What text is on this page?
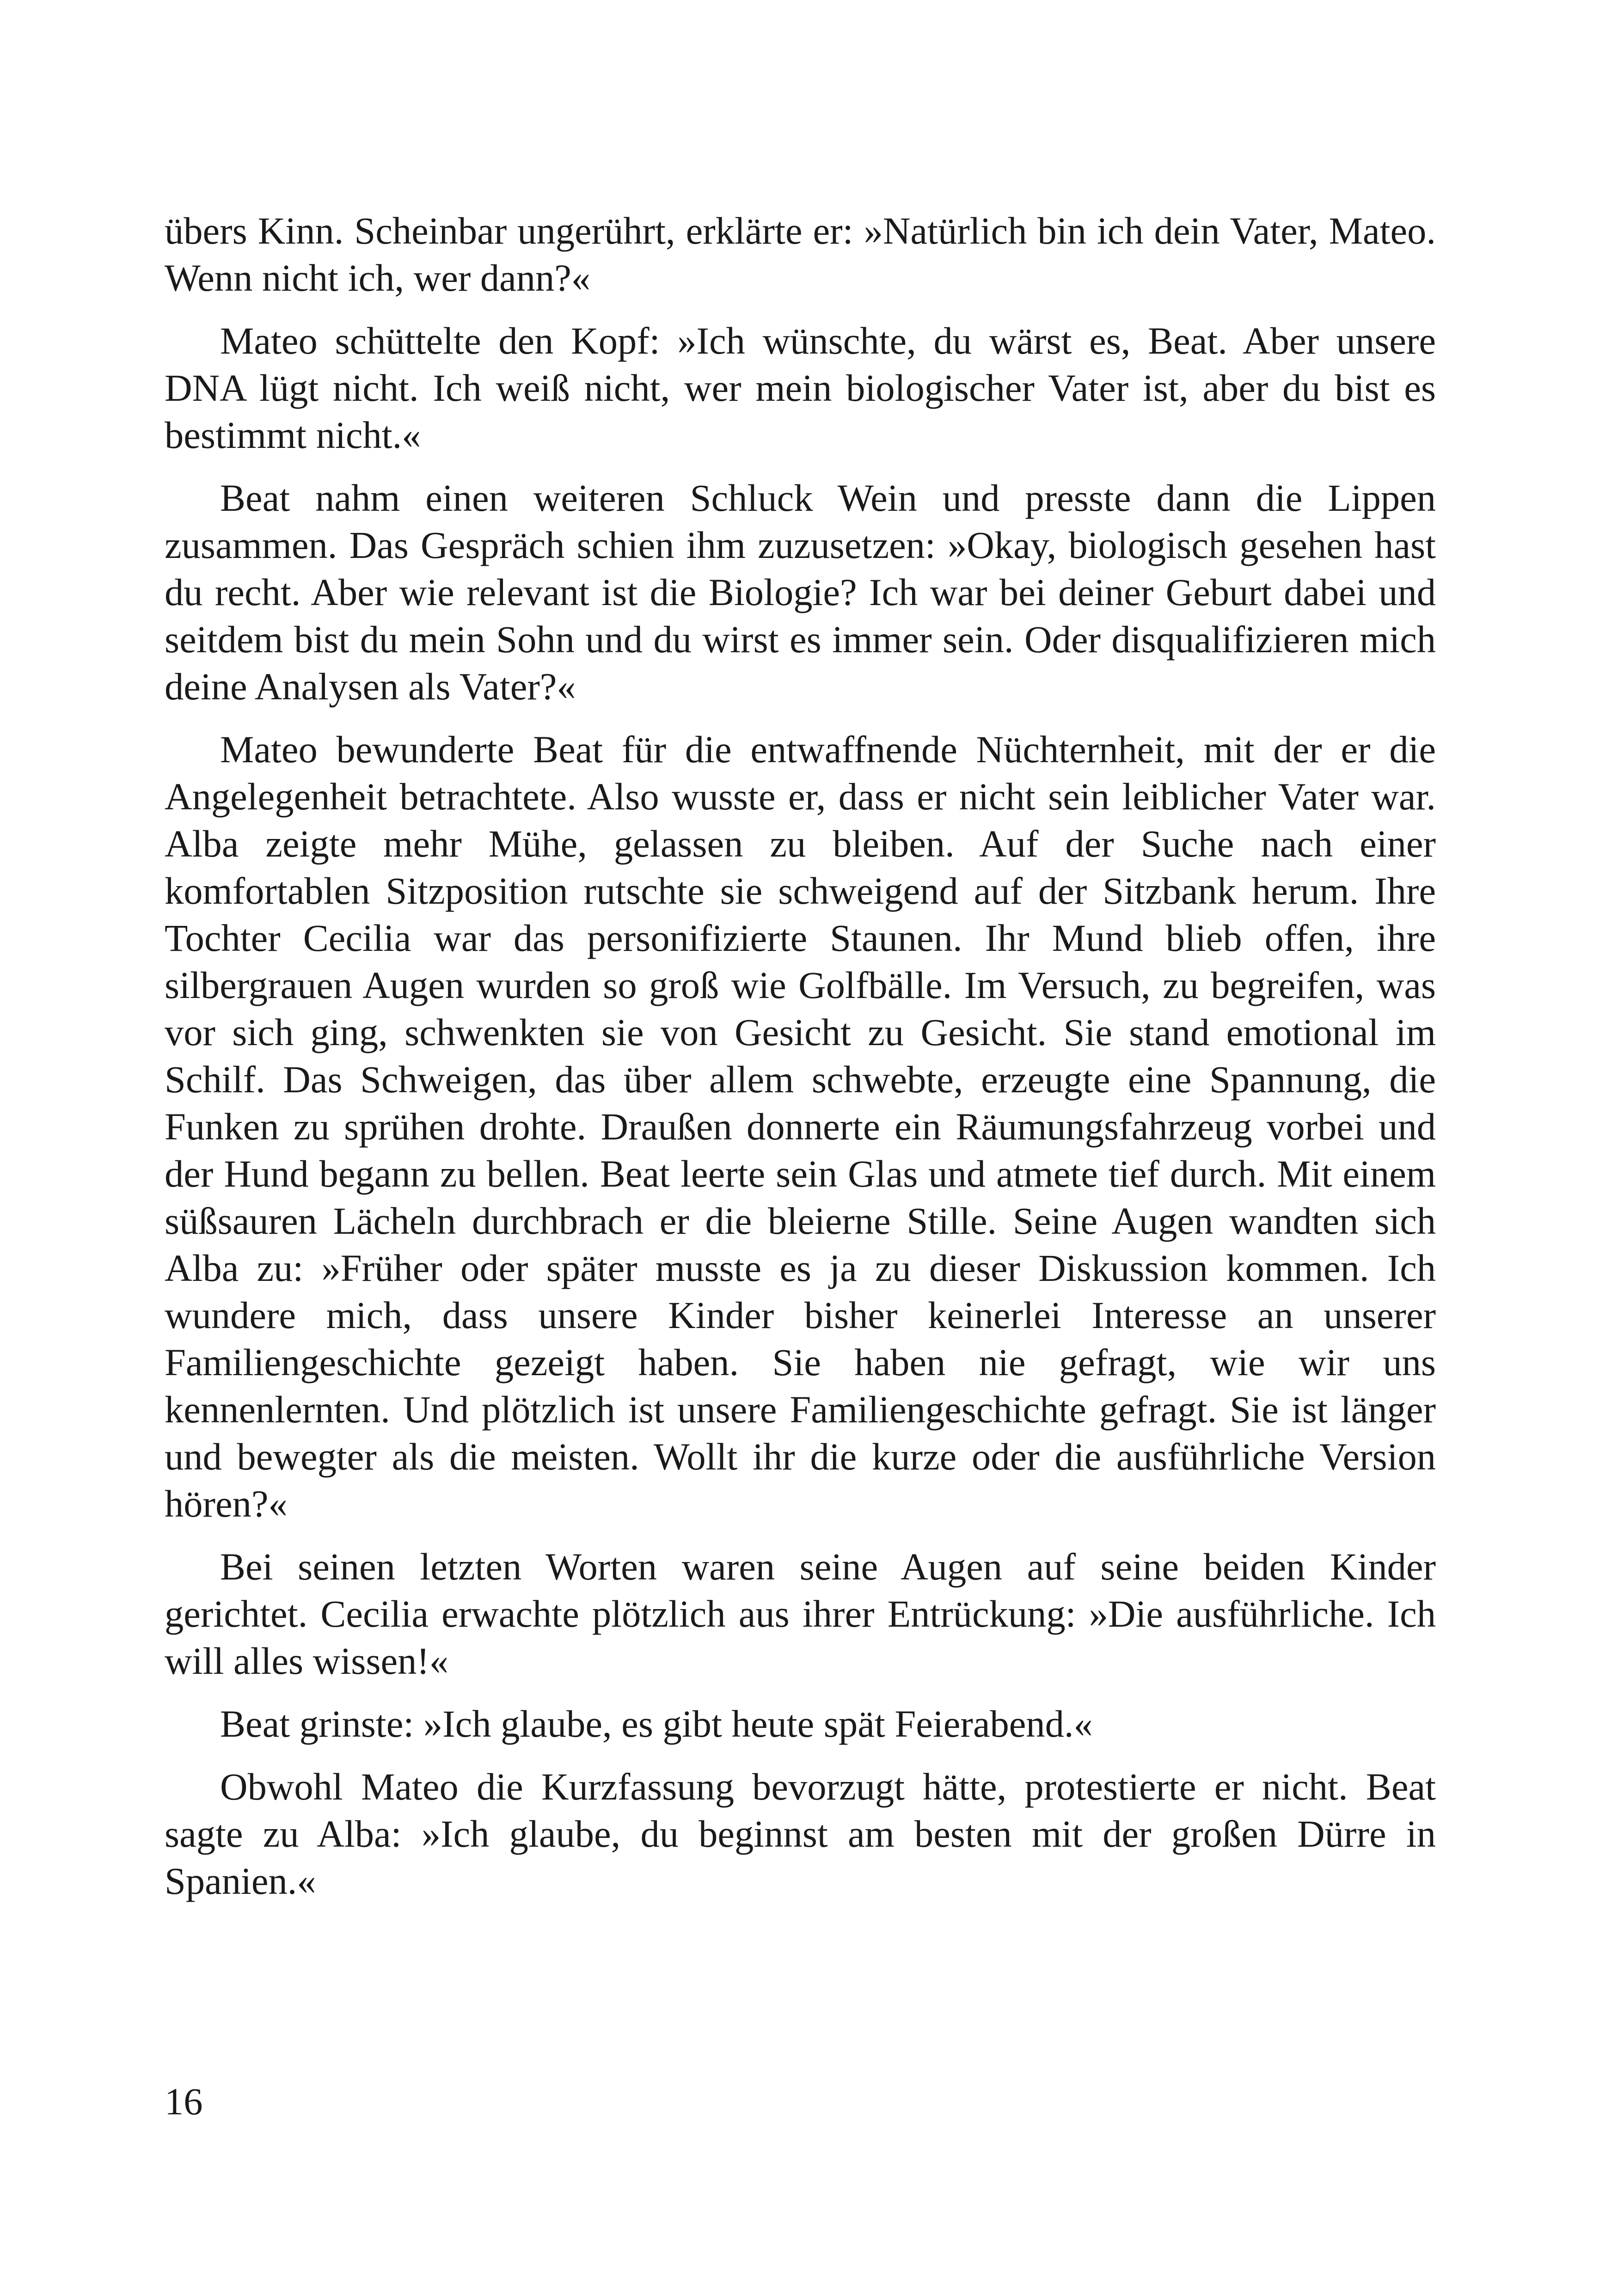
übers Kinn. Scheinbar ungerührt, erklärte er: »Natürlich bin ich dein Vater, Mateo. Wenn nicht ich, wer dann?«

Mateo schüttelte den Kopf: »Ich wünschte, du wärst es, Beat. Aber unsere DNA lügt nicht. Ich weiß nicht, wer mein biologischer Vater ist, aber du bist es bestimmt nicht.«

Beat nahm einen weiteren Schluck Wein und presste dann die Lippen zusammen. Das Gespräch schien ihm zuzusetzen: »Okay, biologisch gesehen hast du recht. Aber wie relevant ist die Biologie? Ich war bei deiner Geburt dabei und seitdem bist du mein Sohn und du wirst es immer sein. Oder disqualifizieren mich deine Analysen als Vater?«

Mateo bewunderte Beat für die entwaffnende Nüchternheit, mit der er die Angelegenheit betrachtete. Also wusste er, dass er nicht sein leiblicher Vater war. Alba zeigte mehr Mühe, gelassen zu bleiben. Auf der Suche nach einer komfortablen Sitzposition rutschte sie schweigend auf der Sitzbank herum. Ihre Tochter Cecilia war das personifizierte Staunen. Ihr Mund blieb offen, ihre silbergrauen Augen wurden so groß wie Golfbälle. Im Versuch, zu begreifen, was vor sich ging, schwenkten sie von Gesicht zu Gesicht. Sie stand emotional im Schilf. Das Schweigen, das über allem schwebte, erzeugte eine Spannung, die Funken zu sprühen drohte. Draußen donnerte ein Räumungsfahrzeug vorbei und der Hund begann zu bellen. Beat leerte sein Glas und atmete tief durch. Mit einem süßsauren Lächeln durchbrach er die bleierne Stille. Seine Augen wandten sich Alba zu: »Früher oder später musste es ja zu dieser Diskussion kommen. Ich wundere mich, dass unsere Kinder bisher keinerlei Interesse an unserer Familiengeschichte gezeigt haben. Sie haben nie gefragt, wie wir uns kennenlernten. Und plötzlich ist unsere Familiengeschichte gefragt. Sie ist länger und bewegter als die meisten. Wollt ihr die kurze oder die ausführliche Version hören?«

Bei seinen letzten Worten waren seine Augen auf seine beiden Kinder gerichtet. Cecilia erwachte plötzlich aus ihrer Entrückung: »Die ausführliche. Ich will alles wissen!«

Beat grinste: »Ich glaube, es gibt heute spät Feierabend.«

Obwohl Mateo die Kurzfassung bevorzugt hätte, protestierte er nicht. Beat sagte zu Alba: »Ich glaube, du beginnst am besten mit der großen Dürre in Spanien.«

16
